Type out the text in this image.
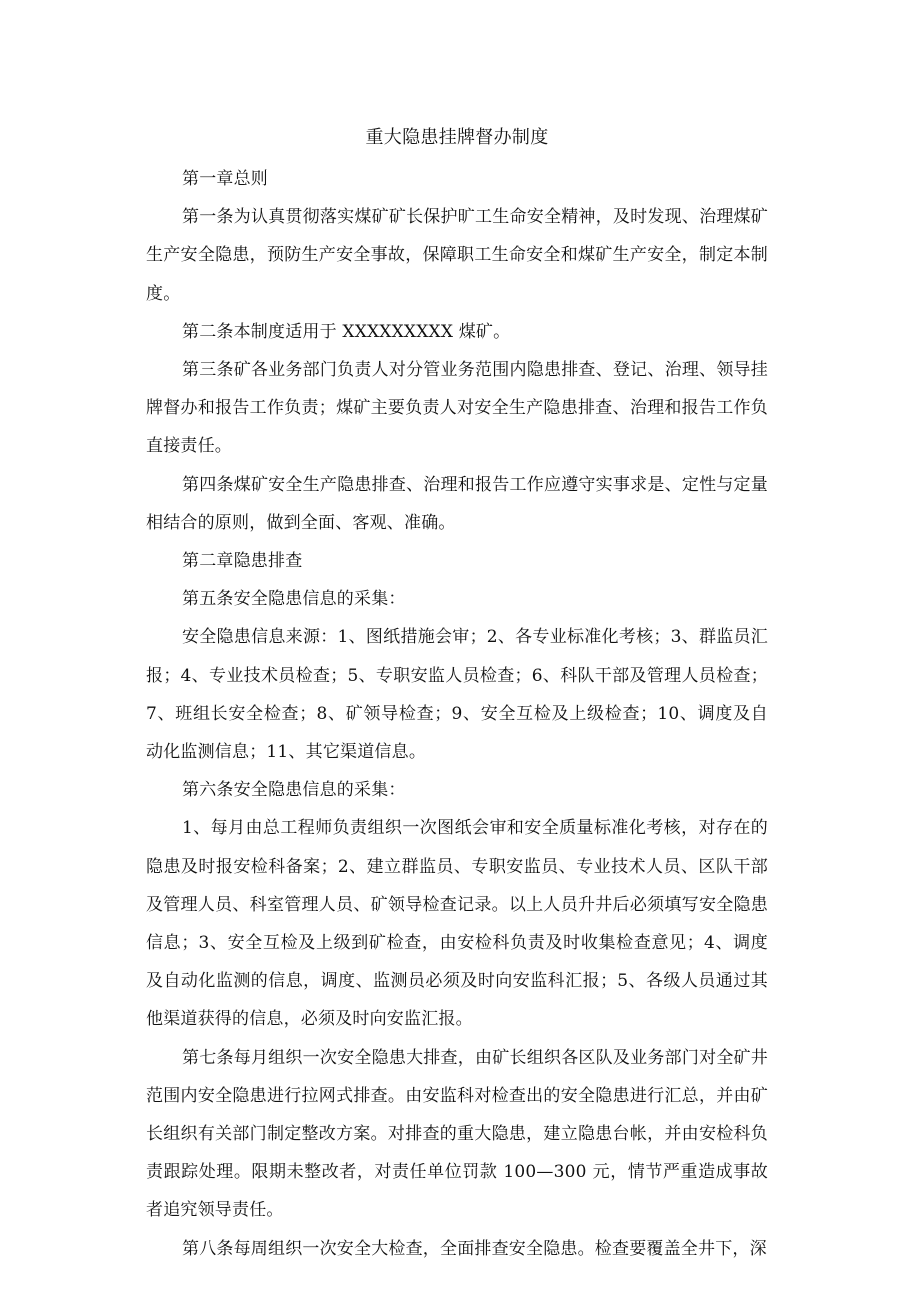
重大隐患挂牌督办制度
第一章总则
第一条为认真贯彻落实煤矿矿长保护旷工生命安全精神，及时发现、治理煤矿生产安全隐患，预防生产安全事故，保障职工生命安全和煤矿生产安全，制定本制度。
第二条本制度适用于 XXXXXXXXX 煤矿。
第三条矿各业务部门负责人对分管业务范围内隐患排查、登记、治理、领导挂牌督办和报告工作负责；煤矿主要负责人对安全生产隐患排查、治理和报告工作负直接责任。
第四条煤矿安全生产隐患排查、治理和报告工作应遵守实事求是、定性与定量相结合的原则，做到全面、客观、准确。
第二章隐患排查
第五条安全隐患信息的采集：
安全隐患信息来源：1、图纸措施会审；2、各专业标准化考核；3、群监员汇报；4、专业技术员检查；5、专职安监人员检查；6、科队干部及管理人员检查；7、班组长安全检查；8、矿领导检查；9、安全互检及上级检查；10、调度及自动化监测信息；11、其它渠道信息。
第六条安全隐患信息的采集：
1、每月由总工程师负责组织一次图纸会审和安全质量标准化考核，对存在的隐患及时报安检科备案；2、建立群监员、专职安监员、专业技术人员、区队干部及管理人员、科室管理人员、矿领导检查记录。以上人员升井后必须填写安全隐患信息；3、安全互检及上级到矿检查，由安检科负责及时收集检查意见；4、调度及自动化监测的信息，调度、监测员必须及时向安监科汇报；5、各级人员通过其他渠道获得的信息，必须及时向安监汇报。
第七条每月组织一次安全隐患大排查，由矿长组织各区队及业务部门对全矿井范围内安全隐患进行拉网式排查。由安监科对检查出的安全隐患进行汇总，并由矿长组织有关部门制定整改方案。对排查的重大隐患，建立隐患台帐，并由安检科负责跟踪处理。限期未整改者，对责任单位罚款 100—300 元，情节严重造成事故者追究领导责任。
第八条每周组织一次安全大检查，全面排查安全隐患。检查要覆盖全井下，深
